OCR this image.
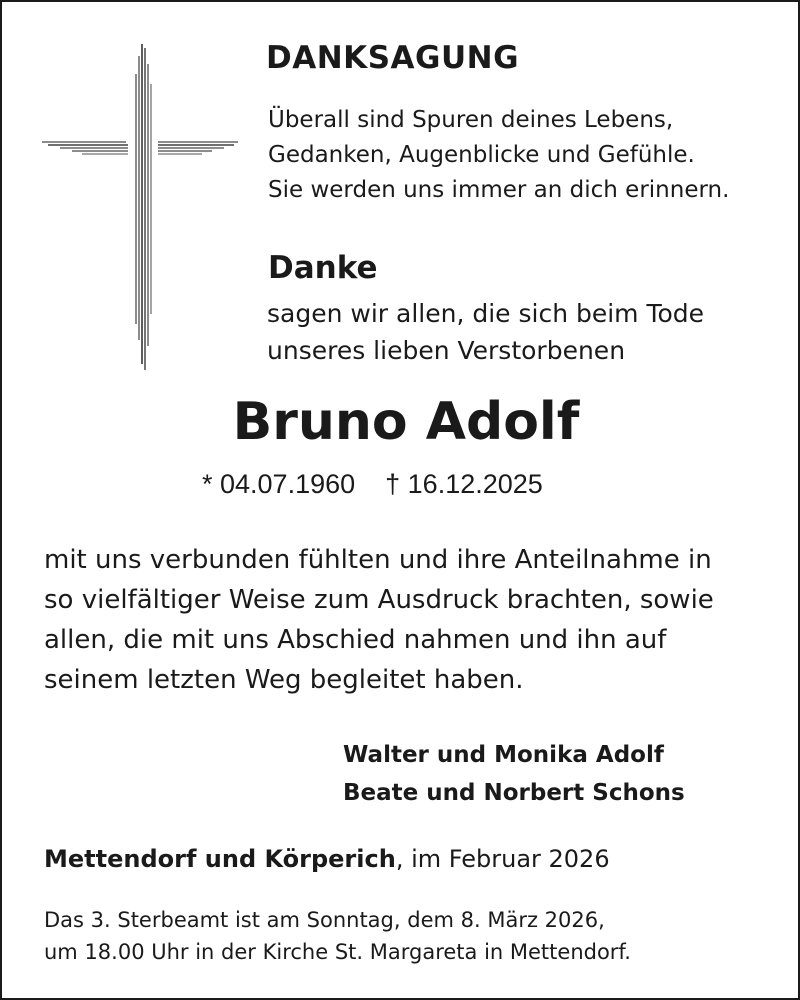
DANKSAGUNG
Überall sind Spuren deines Lebens,
Gedanken, Augenblicke und Gefühle.
Sie werden uns immer an dich erinnern.
Danke
sagen wir allen, die sich beim Tode
unseres lieben Verstorbenen
Bruno Adolf
* 04.07.1960 † 16.12.2025
mit uns verbunden fühlten und ihre Anteilnahme in
so vielfältiger Weise zum Ausdruck brachten, sowie
allen, die mit uns Abschied nahmen und ihn auf
seinem letzten Weg begleitet haben.
Walter und Monika Adolf
Beate und Norbert Schons
Mettendorf und Körperich, im Februar 2026
Das 3. Sterbeamt ist am Sonntag, dem 8. März 2026,
um 18.00 Uhr in der Kirche St. Margareta in Mettendorf.
